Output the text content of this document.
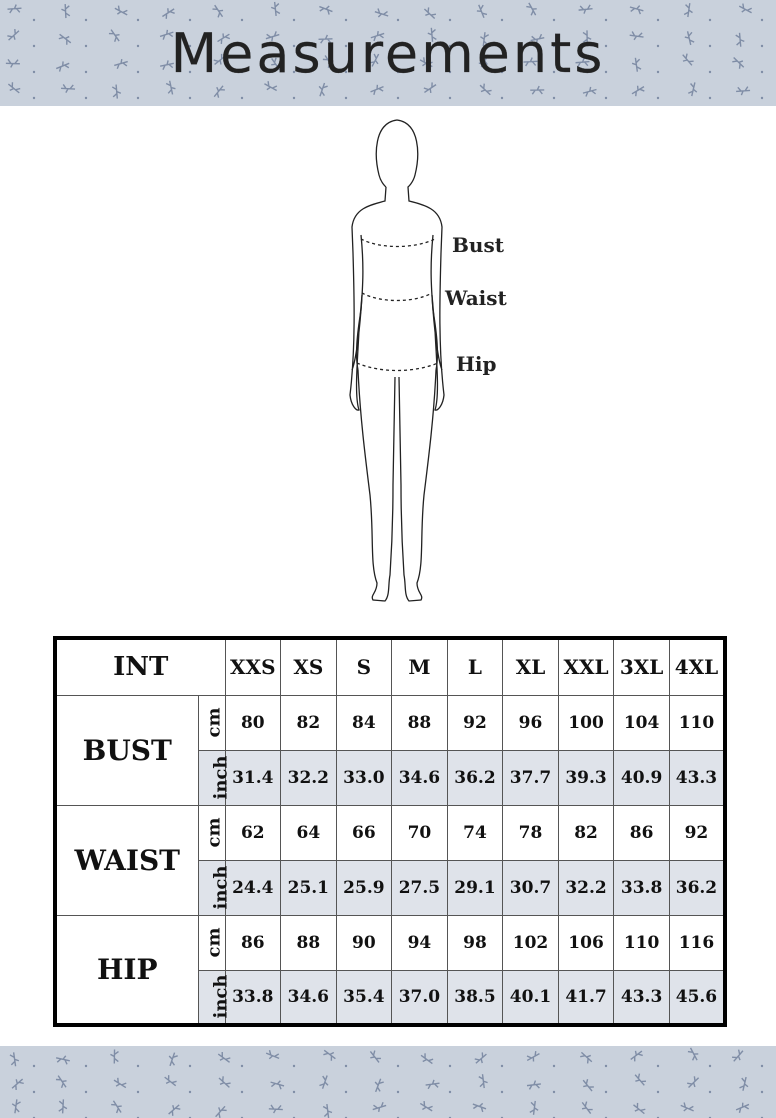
Measurements
Bust
Waist
Hip
INT		XXS	XS	S	M	L	XL	XXL	3XL	4XL
BUST	cm	80	82	84	88	92	96	100	104	110
	inch	31.4	32.2	33.0	34.6	36.2	37.7	39.3	40.9	43.3
WAIST	cm	62	64	66	70	74	78	82	86	92
	inch	24.4	25.1	25.9	27.5	29.1	30.7	32.2	33.8	36.2
HIP	cm	86	88	90	94	98	102	106	110	116
	inch	33.8	34.6	35.4	37.0	38.5	40.1	41.7	43.3	45.6
